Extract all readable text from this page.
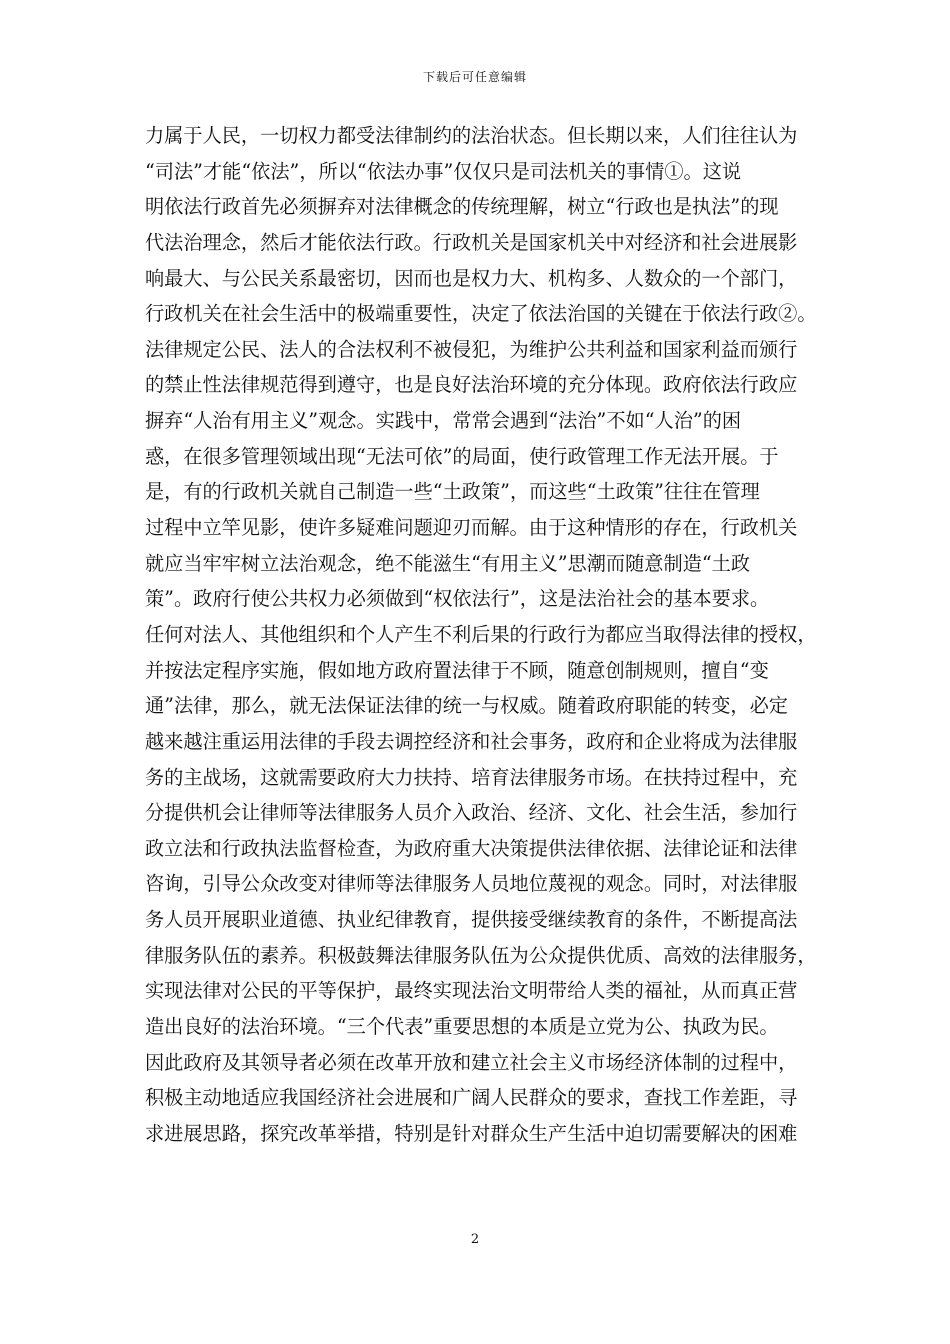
下载后可任意编辑
力属于人民，一切权力都受法律制约的法治状态。但长期以来，人们往往认为
“司法”才能“依法”，所以“依法办事”仅仅只是司法机关的事情①。这说
明依法行政首先必须摒弃对法律概念的传统理解，树立“行政也是执法”的现
代法治理念，然后才能依法行政。行政机关是国家机关中对经济和社会进展影
响最大、与公民关系最密切，因而也是权力大、机构多、人数众的一个部门，
行政机关在社会生活中的极端重要性，决定了依法治国的关键在于依法行政②。
法律规定公民、法人的合法权利不被侵犯，为维护公共利益和国家利益而颁行
的禁止性法律规范得到遵守，也是良好法治环境的充分体现。政府依法行政应
摒弃“人治有用主义”观念。实践中，常常会遇到“法治”不如“人治”的困
惑，在很多管理领域出现“无法可依”的局面，使行政管理工作无法开展。于
是，有的行政机关就自己制造一些“土政策”，而这些“土政策”往往在管理
过程中立竿见影，使许多疑难问题迎刃而解。由于这种情形的存在，行政机关
就应当牢牢树立法治观念，绝不能滋生“有用主义”思潮而随意制造“土政
策”。政府行使公共权力必须做到“权依法行”，这是法治社会的基本要求。
任何对法人、其他组织和个人产生不利后果的行政行为都应当取得法律的授权，
并按法定程序实施，假如地方政府置法律于不顾，随意创制规则，擅自“变
通”法律，那么，就无法保证法律的统一与权威。随着政府职能的转变，必定
越来越注重运用法律的手段去调控经济和社会事务，政府和企业将成为法律服
务的主战场，这就需要政府大力扶持、培育法律服务市场。在扶持过程中，充
分提供机会让律师等法律服务人员介入政治、经济、文化、社会生活，参加行
政立法和行政执法监督检查，为政府重大决策提供法律依据、法律论证和法律
咨询，引导公众改变对律师等法律服务人员地位蔑视的观念。同时，对法律服
务人员开展职业道德、执业纪律教育，提供接受继续教育的条件，不断提高法
律服务队伍的素养。积极鼓舞法律服务队伍为公众提供优质、高效的法律服务，
实现法律对公民的平等保护，最终实现法治文明带给人类的福祉，从而真正营
造出良好的法治环境。“三个代表”重要思想的本质是立党为公、执政为民。
因此政府及其领导者必须在改革开放和建立社会主义市场经济体制的过程中，
积极主动地适应我国经济社会进展和广阔人民群众的要求，查找工作差距，寻
求进展思路，探究改革举措，特别是针对群众生产生活中迫切需要解决的困难
2
